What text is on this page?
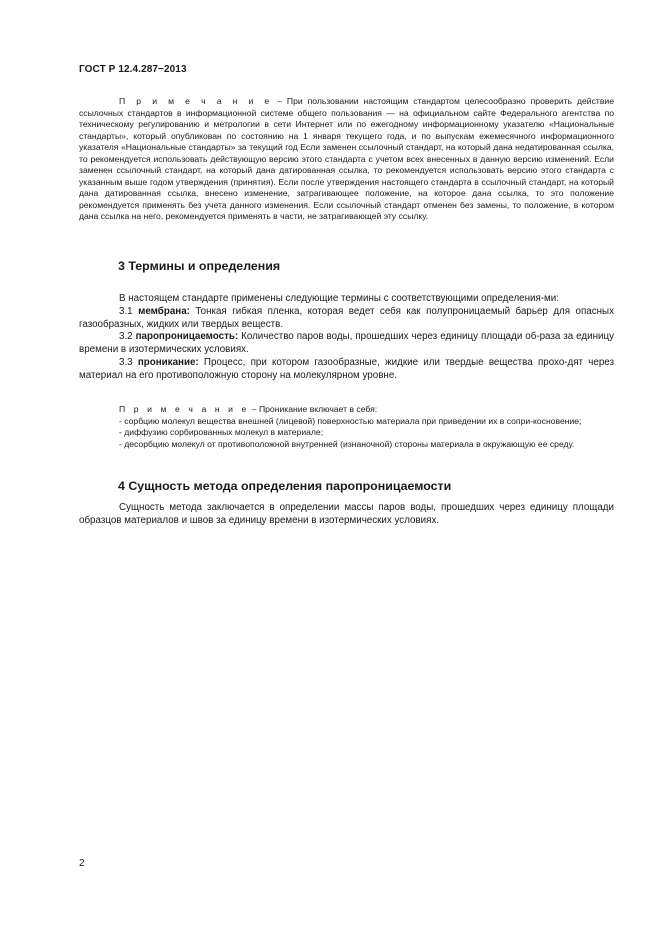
ГОСТ Р 12.4.287−2013

П р и м е ч а н и е – При пользовании настоящим стандартом целесообразно проверить действие ссылочных стандартов в информационной системе общего пользования — на официальном сайте Федерального агентства по техническому регулированию и метрологии в сети Интернет или по ежегодному информационному указателю «Национальные стандарты», который опубликован по состоянию на 1 января текущего года, и по выпускам ежемесячного информационного указателя «Национальные стандарты» за текущий год Если заменен ссылочный стандарт, на который дана недатированная ссылка, то рекомендуется использовать действующую версию этого стандарта с учетом всех внесенных в данную версию изменений. Если заменен ссылочный стандарт, на который дана датированная ссылка, то рекомендуется использовать версию этого стандарта с указанным выше годом утверждения (принятия). Если после утверждения настоящего стандарта в ссылочный стандарт, на который дана датированная ссылка, внесено изменение, затрагивающее положение, на которое дана ссылка, то это положение рекомендуется применять без учета данного изменения. Если ссылочный стандарт отменен без замены, то положение, в котором дана ссылка на него, рекомендуется применять в части, не затрагивающей эту ссылку.

3 Термины и определения

В настоящем стандарте применены следующие термины с соответствующими определения-ми:

3.1 мембрана: Тонкая гибкая пленка, которая ведет себя как полупроницаемый барьер для опасных газообразных, жидких или твердых веществ.

3.2 паропроницаемость: Количество паров воды, прошедших через единицу площади об-раза за единицу времени в изотермических условиях.

3.3 проникание: Процесс, при котором газообразные, жидкие или твердые вещества прохо-дят через материал на его противоположную сторону на молекулярном уровне.

П р и м е ч а н и е – Проникание включает в себя:

- сорбцию молекул вещества внешней (лицевой) поверхностью материала при приведении их в сопри-косновение;

- диффузию сорбированных молекул в материале;

- десорбцию молекул от противоположной внутренней (изнаночной) стороны материала в окружающую ее среду.

4 Сущность метода определения паропроницаемости

Сущность метода заключается в определении массы паров воды, прошедших через единицу площади образцов материалов и швов за единицу времени в изотермических условиях.

2
